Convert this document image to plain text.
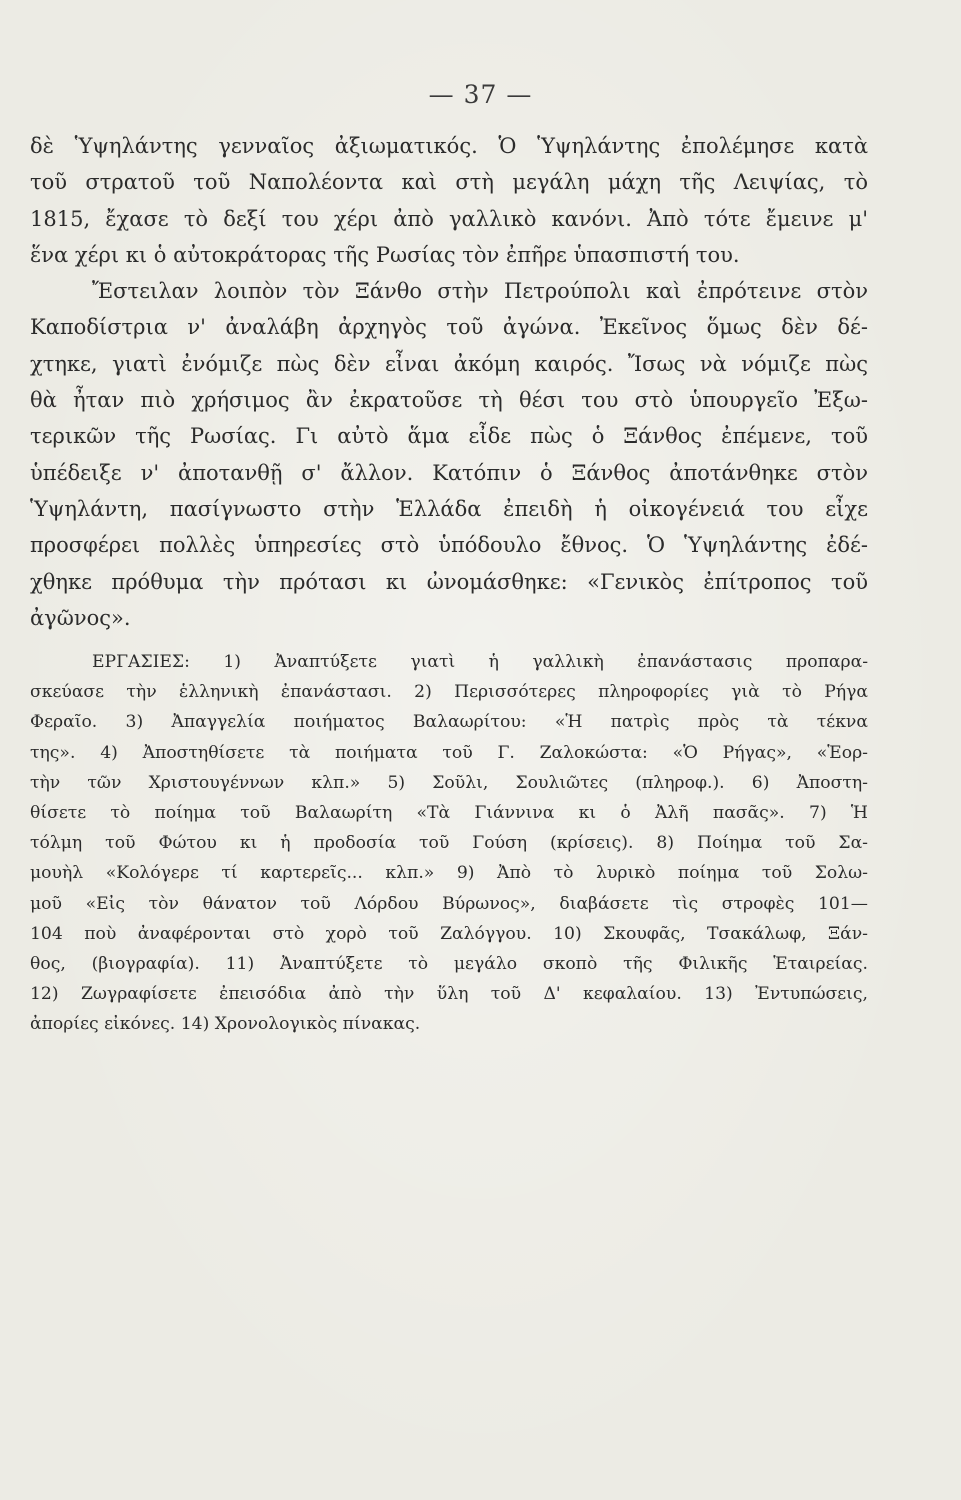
— 37 —
δὲ Ὑψηλάντης γενναῖος ἀξιωματικός. Ὁ Ὑψηλάντης ἐπολέμησε κατὰ
τοῦ στρατοῦ τοῦ Ναπολέοντα καὶ στὴ μεγάλη μάχη τῆς Λειψίας, τὸ
1815, ἔχασε τὸ δεξί του χέρι ἀπὸ γαλλικὸ κανόνι. Ἀπὸ τότε ἔμεινε μ'
ἕνα χέρι κι ὁ αὐτοκράτορας τῆς Ρωσίας τὸν ἐπῆρε ὑπασπιστή του.
Ἔστειλαν λοιπὸν τὸν Ξάνθο στὴν Πετρούπολι καὶ ἐπρότεινε στὸν
Καποδίστρια ν' ἀναλάβη ἀρχηγὸς τοῦ ἀγώνα. Ἐκεῖνος ὅμως δὲν δέ-
χτηκε, γιατὶ ἐνόμιζε πὼς δὲν εἶναι ἀκόμη καιρός. Ἴσως νὰ νόμιζε πὼς
θὰ ἦταν πιὸ χρήσιμος ἂν ἐκρατοῦσε τὴ θέσι του στὸ ὑπουργεῖο Ἐξω-
τερικῶν τῆς Ρωσίας. Γι αὐτὸ ἅμα εἶδε πὼς ὁ Ξάνθος ἐπέμενε, τοῦ
ὑπέδειξε ν' ἀποτανθῇ σ' ἄλλον. Κατόπιν ὁ Ξάνθος ἀποτάνθηκε στὸν
Ὑψηλάντη, πασίγνωστο στὴν Ἑλλάδα ἐπειδὴ ἡ οἰκογένειά του εἶχε
προσφέρει πολλὲς ὑπηρεσίες στὸ ὑπόδουλο ἔθνος. Ὁ Ὑψηλάντης ἐδέ-
χθηκε πρόθυμα τὴν πρότασι κι ὠνομάσθηκε: «Γενικὸς ἐπίτροπος τοῦ
ἀγῶνος».
ΕΡΓΑΣΙΕΣ: 1) Ἀναπτύξετε γιατὶ ἡ γαλλικὴ ἐπανάστασις προπαρα-
σκεύασε τὴν ἑλληνικὴ ἐπανάστασι. 2) Περισσότερες πληροφορίες γιὰ τὸ Ρήγα
Φεραῖο. 3) Ἀπαγγελία ποιήματος Βαλαωρίτου: «Ἡ πατρὶς πρὸς τὰ τέκνα
της». 4) Ἀποστηθίσετε τὰ ποιήματα τοῦ Γ. Ζαλοκώστα: «Ὁ Ρήγας», «Ἑορ-
τὴν τῶν Χριστουγέννων κλπ.» 5) Σοῦλι, Σουλιῶτες (πληροφ.). 6) Ἀποστη-
θίσετε τὸ ποίημα τοῦ Βαλαωρίτη «Τὰ Γιάννινα κι ὁ Ἀλῆ πασᾶς». 7) Ἡ
τόλμη τοῦ Φώτου κι ἡ προδοσία τοῦ Γούση (κρίσεις). 8) Ποίημα τοῦ Σα-
μουὴλ «Κολόγερε τί καρτερεῖς... κλπ.» 9) Ἀπὸ τὸ λυρικὸ ποίημα τοῦ Σολω-
μοῦ «Εἰς τὸν θάνατον τοῦ Λόρδου Βύρωνος», διαβάσετε τὶς στροφὲς 101—
104 ποὺ ἀναφέρονται στὸ χορὸ τοῦ Ζαλόγγου. 10) Σκουφᾶς, Τσακάλωφ, Ξάν-
θος, (βιογραφία). 11) Ἀναπτύξετε τὸ μεγάλο σκοπὸ τῆς Φιλικῆς Ἑταιρείας.
12) Ζωγραφίσετε ἐπεισόδια ἀπὸ τὴν ὕλη τοῦ Δ' κεφαλαίου. 13) Ἐντυπώσεις,
ἀπορίες εἰκόνες. 14) Χρονολογικὸς πίνακας.
